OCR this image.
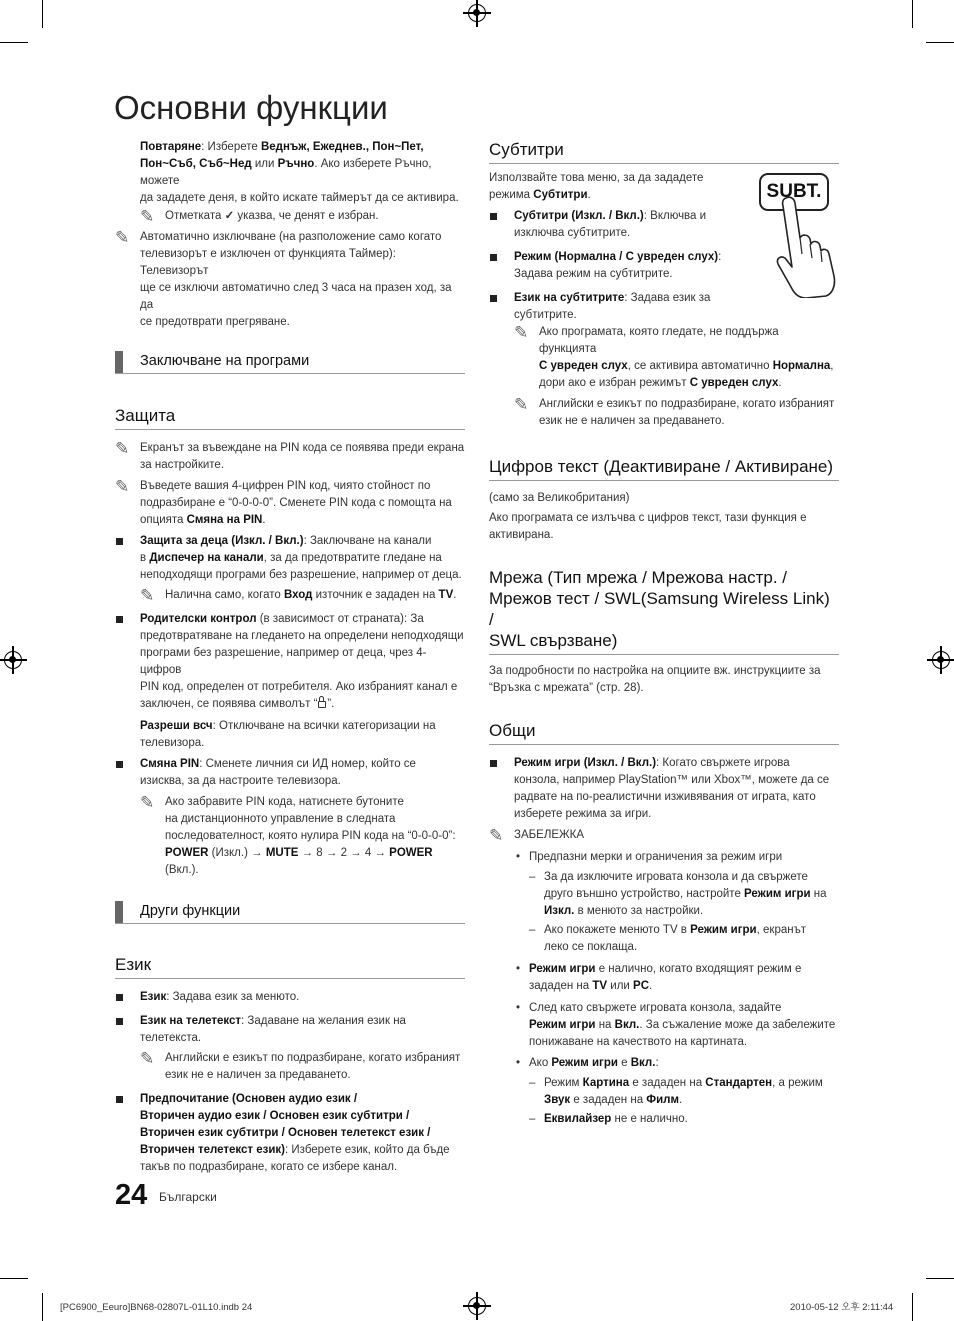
Основни функции
Повтаряне: Изберете Веднъж, Ежеднев., Пон~Пет,
Пон~Съб, Съб~Нед или Ръчно. Ако изберете Ръчно, можете
да зададете деня, в който искате таймерът да се активира.
✎ Отметката ✓ указва, че денят е избран.
✎ Автоматично изключване (на разположение само когато
телевизорът е изключен от функцията Таймер): Телевизорът
ще се изключи автоматично след 3 часа на празен ход, за да
се предотврати прегряване.
Заключване на програми
Защита
✎ Екранът за въвеждане на PIN кода се появява преди екрана
за настройките.
✎ Въведете вашия 4-цифрен PIN код, чиято стойност по
подразбиране е “0-0-0-0”. Сменете PIN кода с помощта на
опцията Смяна на PIN.
Защита за деца (Изкл. / Вкл.): Заключване на канали
в Диспечер на канали, за да предотвратите гледане на
неподходящи програми без разрешение, например от деца.
✎ Налична само, когато Вход източник е зададен на TV.
Родителски контрол (в зависимост от страната): За
предотвратяване на гледането на определени неподходящи
програми без разрешение, например от деца, чрез 4-цифров
PIN код, определен от потребителя. Ако избраният канал е
заключен, се появява символът “ ”.
Разреши всч: Отключване на всички категоризации на
телевизора.
Смяна PIN: Сменете личния си ИД номер, който се
изисква, за да настроите телевизора.
✎ Ако забравите PIN кода, натиснете бутоните
на дистанционното управление в следната
последователност, която нулира PIN кода на “0-0-0-0”:
POWER (Изкл.) → MUTE → 8 → 2 → 4 → POWER (Вкл.).
Други функции
Език
Език: Задава език за менюто.
Език на телетекст: Задаване на желания език на телетекста.
✎ Английски е езикът по подразбиране, когато избраният
език не е наличен за предаването.
Предпочитание (Основен аудио език /
Вторичен аудио език / Основен език субтитри /
Вторичен език субтитри / Основен телетекст език /
Вторичен телетекст език): Изберете език, който да бъде
такъв по подразбиране, когато се избере канал.
Субтитри
Използвайте това меню, за да зададете
режима Субтитри.
Субтитри (Изкл. / Вкл.): Включва и
изключва субтитрите.
Режим (Нормална / С увреден слух):
Задава режим на субтитрите.
Език на субтитрите: Задава език за
субтитрите.
✎ Ако програмата, която гледате, не поддържа функцията
С увреден слух, се активира автоматично Нормална,
дори ако е избран режимът С увреден слух.
✎ Английски е езикът по подразбиране, когато избраният
език не е наличен за предаването.
Цифров текст (Деактивиране / Активиране)
(само за Великобритания)
Ако програмата се излъчва с цифров текст, тази функция е
активирана.
Мрежа (Тип мрежа / Мрежова настр. /
Мрежов тест / SWL(Samsung Wireless Link) /
SWL свързване)
За подробности по настройка на опциите вж. инструкциите за
“Връзка с мрежата” (стр. 28).
Общи
Режим игри (Изкл. / Вкл.): Когато свържете игрова
конзола, например PlayStation™ или Xbox™, можете да се
радвате на по-реалистични изживявания от играта, като
изберете режима за игри.
✎ ЗАБЕЛЕЖКА
• Предпазни мерки и ограничения за режим игри
– За да изключите игровата конзола и да свържете
друго външно устройство, настройте Режим игри на
Изкл. в менюто за настройки.
– Ако покажете менюто TV в Режим игри, екранът
леко се поклаща.
• Режим игри е наличнo, когато входящият режим е
зададен на TV или PC.
• След като свържете игровата конзола, задайте
Режим игри на Вкл.. За съжаление може да забележите
понижаване на качеството на картината.
• Ако Режим игри е Вкл.:
– Режим Картина е зададен на Стандартен, а режим
Звук е зададен на Филм.
– Еквилайзер не е налично.
SUBT.
24 Български
[PC6900_Eeuro]BN68-02807L-01L10.indb 24	2010-05-12 오후 2:11:44
